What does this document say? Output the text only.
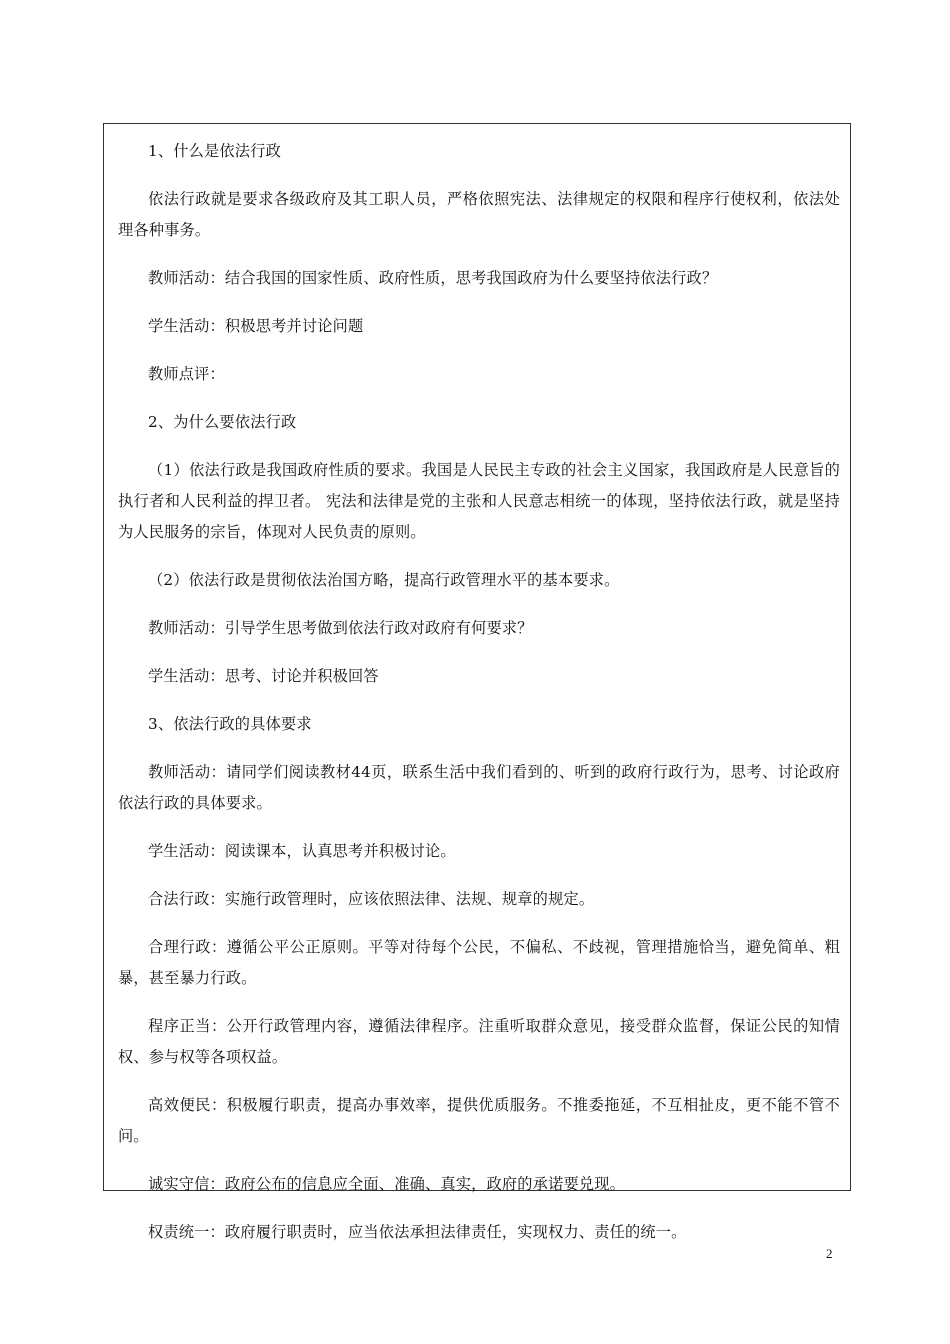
1、什么是依法行政

依法行政就是要求各级政府及其工职人员，严格依照宪法、法律规定的权限和程序行使权利，依法处理各种事务。

教师活动：结合我国的国家性质、政府性质，思考我国政府为什么要坚持依法行政？

学生活动：积极思考并讨论问题

教师点评：

2、为什么要依法行政

（1）依法行政是我国政府性质的要求。我国是人民民主专政的社会主义国家，我国政府是人民意旨的执行者和人民利益的捍卫者。 宪法和法律是党的主张和人民意志相统一的体现，坚持依法行政，就是坚持为人民服务的宗旨，体现对人民负责的原则。

（2）依法行政是贯彻依法治国方略，提高行政管理水平的基本要求。

教师活动：引导学生思考做到依法行政对政府有何要求？

学生活动：思考、讨论并积极回答

3、依法行政的具体要求

教师活动：请同学们阅读教材44页，联系生活中我们看到的、听到的政府行政行为，思考、讨论政府依法行政的具体要求。

学生活动：阅读课本，认真思考并积极讨论。

合法行政：实施行政管理时，应该依照法律、法规、规章的规定。

合理行政：遵循公平公正原则。平等对待每个公民，不偏私、不歧视，管理措施恰当，避免简单、粗暴，甚至暴力行政。

程序正当：公开行政管理内容，遵循法律程序。注重听取群众意见，接受群众监督，保证公民的知情权、参与权等各项权益。

高效便民：积极履行职责，提高办事效率，提供优质服务。不推委拖延，不互相扯皮，更不能不管不问。

诚实守信：政府公布的信息应全面、准确、真实，政府的承诺要兑现。

权责统一：政府履行职责时，应当依法承担法律责任，实现权力、责任的统一。

2
